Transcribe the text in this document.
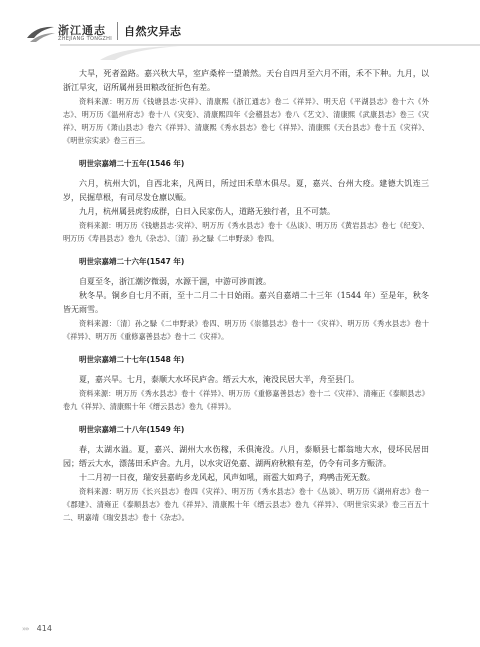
浙江通志
ZHEJIANG TONGZHI
自然灾异志

大旱，死者盈路。嘉兴秋大旱，室庐桑梓一望萧然。天台自四月至六月不雨，禾不下种。九月，以浙江旱灾，诏所属州县田粮改征折色有差。

资料来源：明万历《钱塘县志·灾祥》、清康熙《浙江通志》卷二《祥异》、明天启《平湖县志》卷十六《外志》、明万历《温州府志》卷十八《灾变》、清康熙四年《会稽县志》卷八《艺文》、清康熙《武康县志》卷三《灾祥》、明万历《萧山县志》卷六《祥异》、清康熙《秀水县志》卷七《祥异》、清康熙《天台县志》卷十五《灾祥》、《明世宗实录》卷三百三。

明世宗嘉靖二十五年(1546 年)

六月，杭州大饥，自西北来，凡两日，所过田禾草木俱尽。夏，嘉兴、台州大疫。建德大饥连三岁，民掘草根，有司尽发仓廪以赈。

九月，杭州属县虎豹成群，白日入民家伤人，道路无独行者，且不可禁。

资料来源：明万历《钱塘县志·灾祥》、明万历《秀水县志》卷十《丛谈》、明万历《黄岩县志》卷七《纪变》、明万历《寿昌县志》卷九《杂志》、〔清〕孙之騄《二申野录》卷四。

明世宗嘉靖二十六年(1547 年)

自夏至冬，浙江潮汐微弱，水源干涸，中游可涉而渡。

秋冬旱。铜乡自七月不雨，至十二月二十日始雨。嘉兴自嘉靖二十三年（1544 年）至是年，秋冬皆无雨雪。

资料来源：〔清〕孙之騄《二申野录》卷四、明万历《崇德县志》卷十一《灾祥》、明万历《秀水县志》卷十《祥异》、明万历《重修嘉善县志》卷十二《灾祥》。

明世宗嘉靖二十七年(1548 年)

夏，嘉兴旱。七月，泰顺大水坏民庐舍。缙云大水，淹没民居大半，舟至县门。

资料来源：明万历《秀水县志》卷十《祥异》、明万历《重修嘉善县志》卷十二《灾祥》、清雍正《泰顺县志》卷九《祥异》、清康熙十年《缙云县志》卷九《祥异》。

明世宗嘉靖二十八年(1549 年)

春，太湖水溢。夏，嘉兴、湖州大水伤稼，禾倶淹没。八月，泰顺县七都翁地大水，侵坏民居田园；缙云大水，漂荡田禾庐舍。九月，以水灾诏免嘉、湖两府秋粮有差，仍令有司多方赈济。

十二月初一日夜，瑞安县嘉屿乡龙风起，风声如吼，雨雹大如鸡子，鸡鸭击死无数。

资料来源：明万历《长兴县志》卷四《灾祥》、明万历《秀水县志》卷十《丛谈》、明万历《湖州府志》卷一《郡建》、清雍正《泰顺县志》卷九《祥异》、清康熙十年《缙云县志》卷九《祥异》、《明世宗实录》卷三百五十二、明嘉靖《瑞安县志》卷十《杂志》。

»» 414
